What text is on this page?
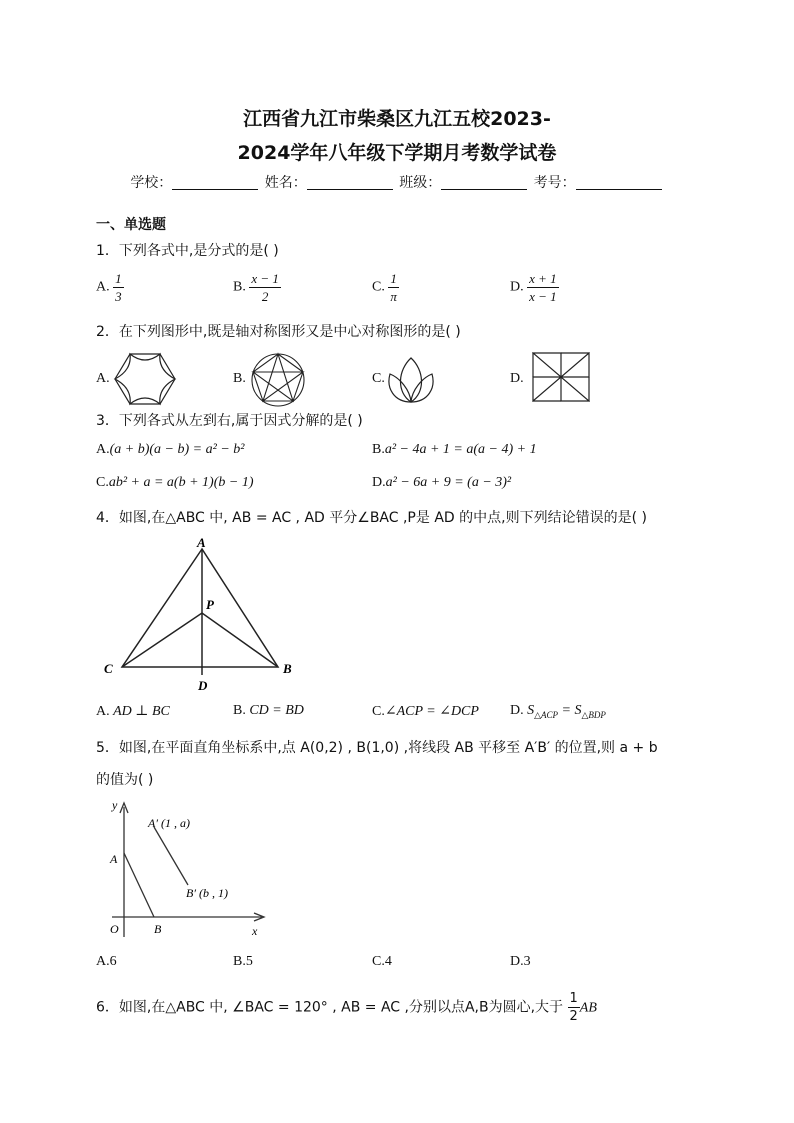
江西省九江市柴桑区九江五校2023-
2024学年八年级下学期月考数学试卷
学校：	姓名：	班级：	考号：
一、单选题
1．下列各式中,是分式的是( )
A. $\frac{1}{3}$	B. $\frac{x - 1}{2}$	C. $\frac{1}{\pi}$	D. $\frac{x + 1}{x - 1}$
2．在下列图形中,既是轴对称图形又是中心对称图形的是( )
A.	B.	C.	D.
3．下列各式从左到右,属于因式分解的是( )
A.(a + b)(a − b) = a² − b²	B.a² − 4a + 1 = a(a − 4) + 1
C.ab² + a = a(b + 1)(b − 1)	D.a² − 6a + 9 = (a − 3)²
4．如图,在△ABC 中, AB = AC , AD 平分∠BAC ,P是 AD 的中点,则下列结论错误的是( )
A
P
C	B
D
A. AD ⊥ BC	B. CD = BD	C.∠ACP = ∠DCP D. $S_{\triangle ACP} = S_{\triangle BDP}$
5．如图,在平面直角坐标系中,点 A(0,2) , B(1,0) ,将线段 AB 平移至 A′B′ 的位置,则 a + b
的值为( )
y
x
O
A
B
A′ (1 , a)
B′ (b , 1)
A.6	B.5	C.4	D.3
6．如图,在△ABC 中, ∠BAC = 120° , AB = AC ,分别以点A,B为圆心,大于 $\frac{1}{2}$ AB
